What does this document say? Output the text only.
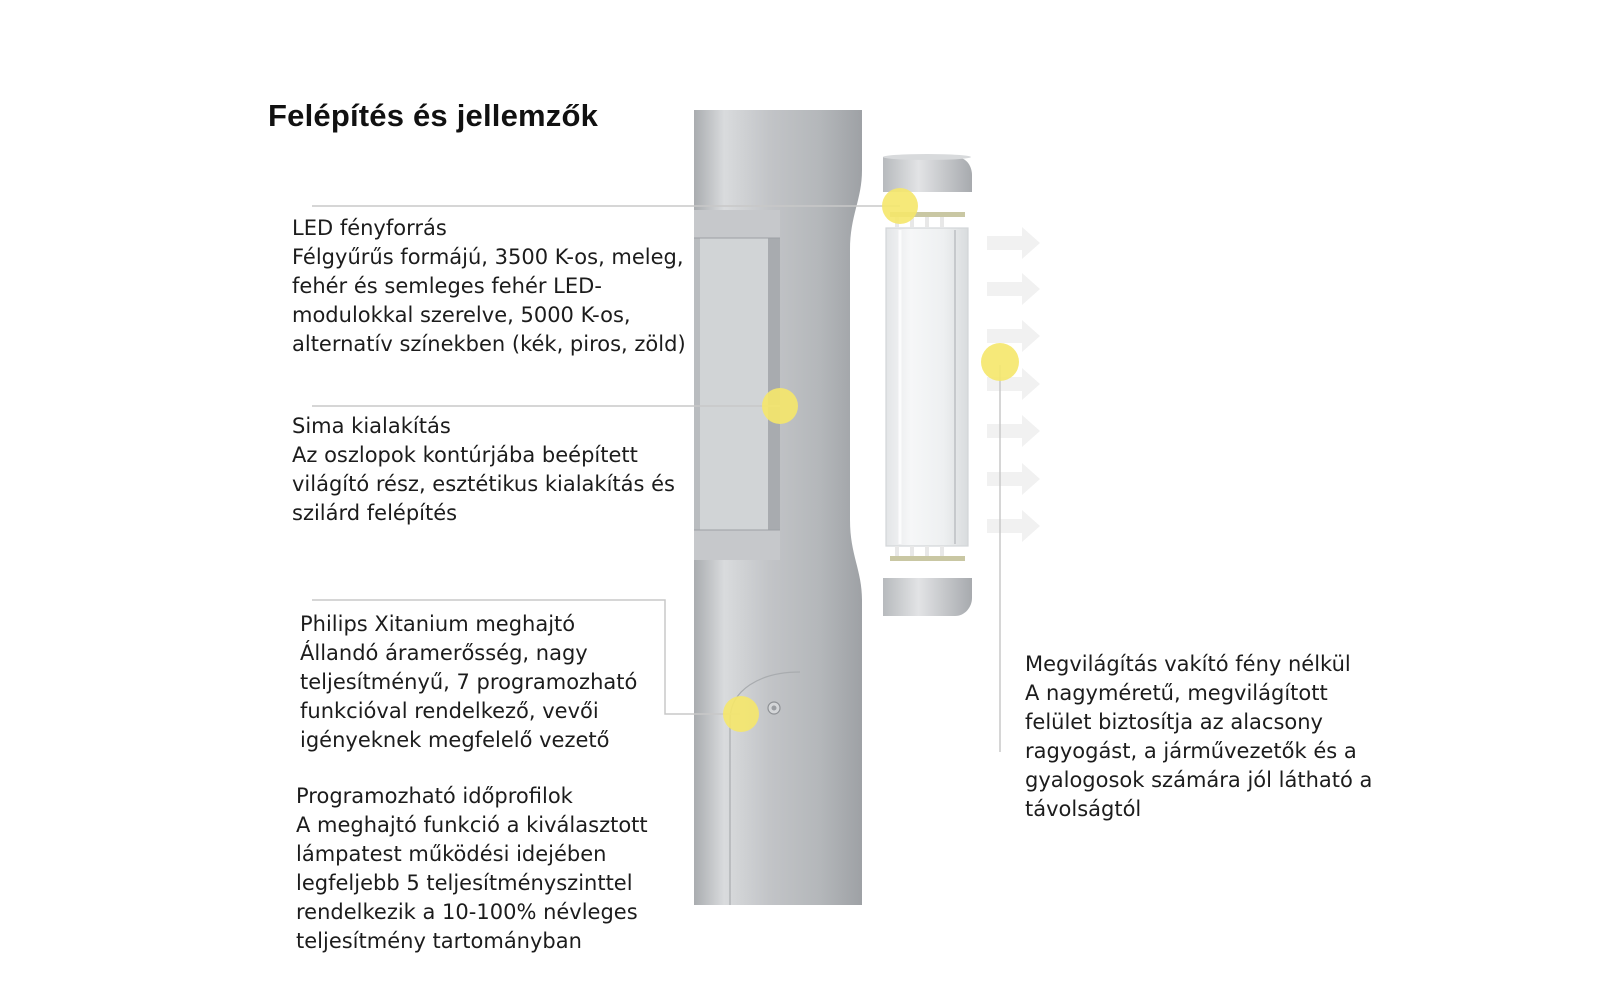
Felépítés és jellemzők
LED fényforrás
Félgyűrűs formájú, 3500 K-os, meleg,
fehér és semleges fehér LED-
modulokkal szerelve, 5000 K-os,
alternatív színekben (kék, piros, zöld)
Sima kialakítás
Az oszlopok kontúrjába beépített
világító rész, esztétikus kialakítás és
szilárd felépítés
Philips Xitanium meghajtó
Állandó áramerősség, nagy
teljesítményű, 7 programozható
funkcióval rendelkező, vevői
igényeknek megfelelő vezető
Programozható időprofilok
A meghajtó funkció a kiválasztott
lámpatest működési idejében
legfeljebb 5 teljesítményszinttel
rendelkezik a 10-100% névleges
teljesítmény tartományban
Megvilágítás vakító fény nélkül
A nagyméretű, megvilágított
felület biztosítja az alacsony
ragyogást, a járművezetők és a
gyalogosok számára jól látható a
távolságtól
